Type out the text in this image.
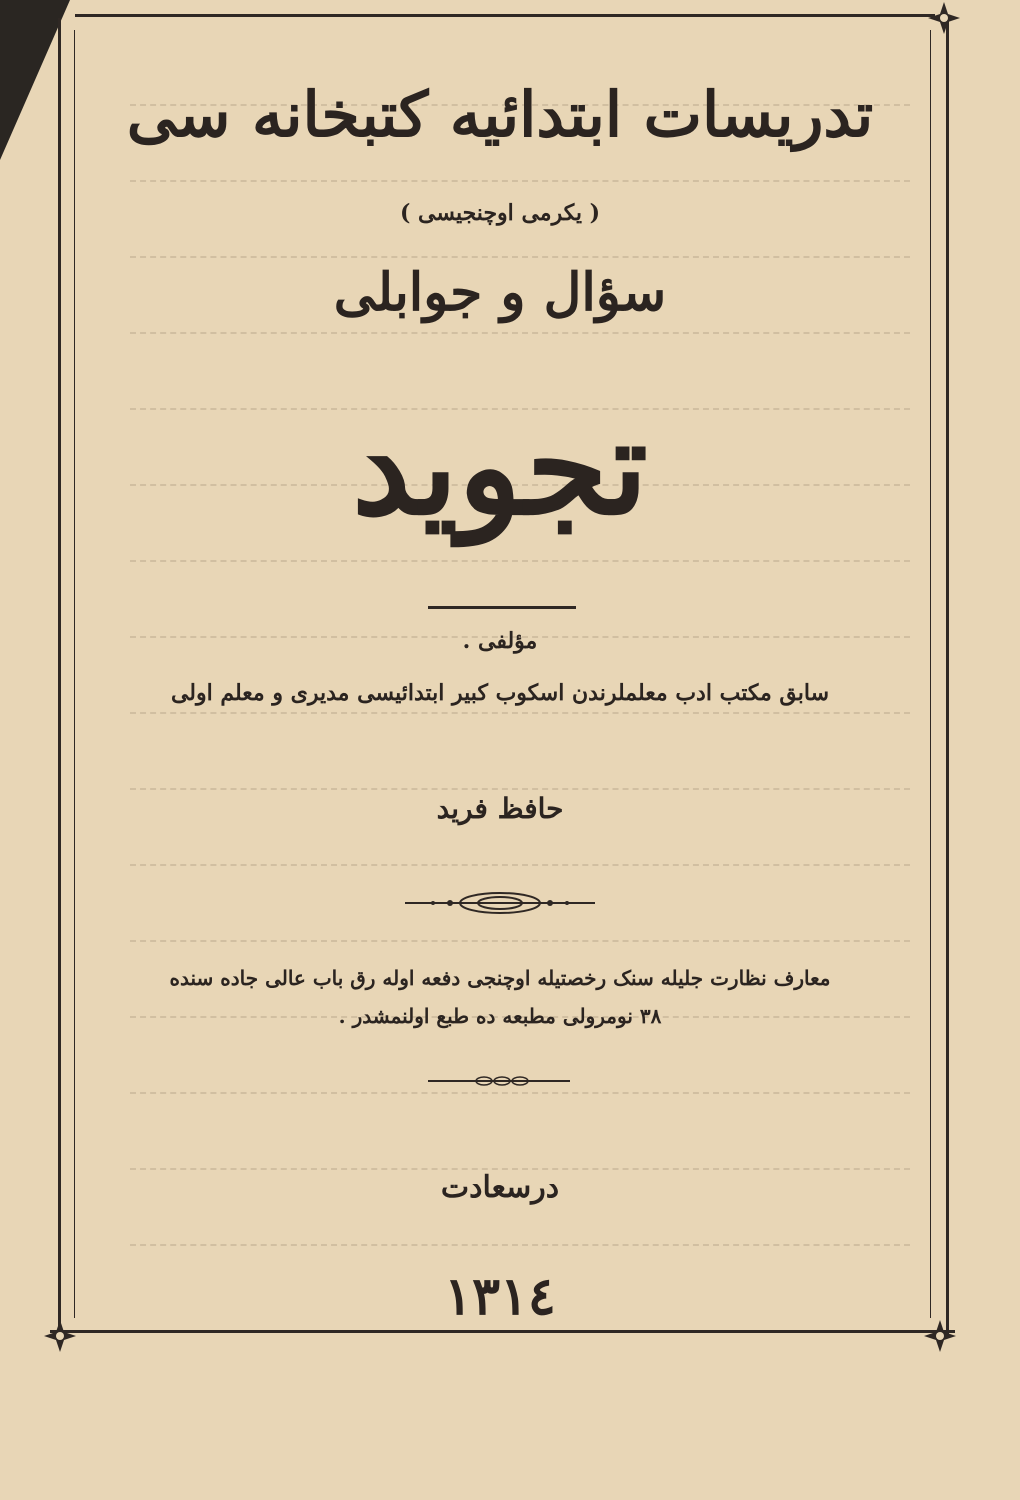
تدریسات ابتدائیه کتبخانه سی
( یکرمی اوچنجیسی )
سؤال و جوابلی
تجوید
مؤلفی .
سابق مکتب ادب معلملرندن اسکوب کبیر ابتدائیسی مدیری و معلم اولی
حافظ فرید
معارف نظارت جلیله سنک رخصتیله اوچنجی دفعه اوله رق باب عالی جاده سنده
۳۸ نومرولی مطبعه ده طبع اولنمشدر .
درسعادت
۱۳۱٤
